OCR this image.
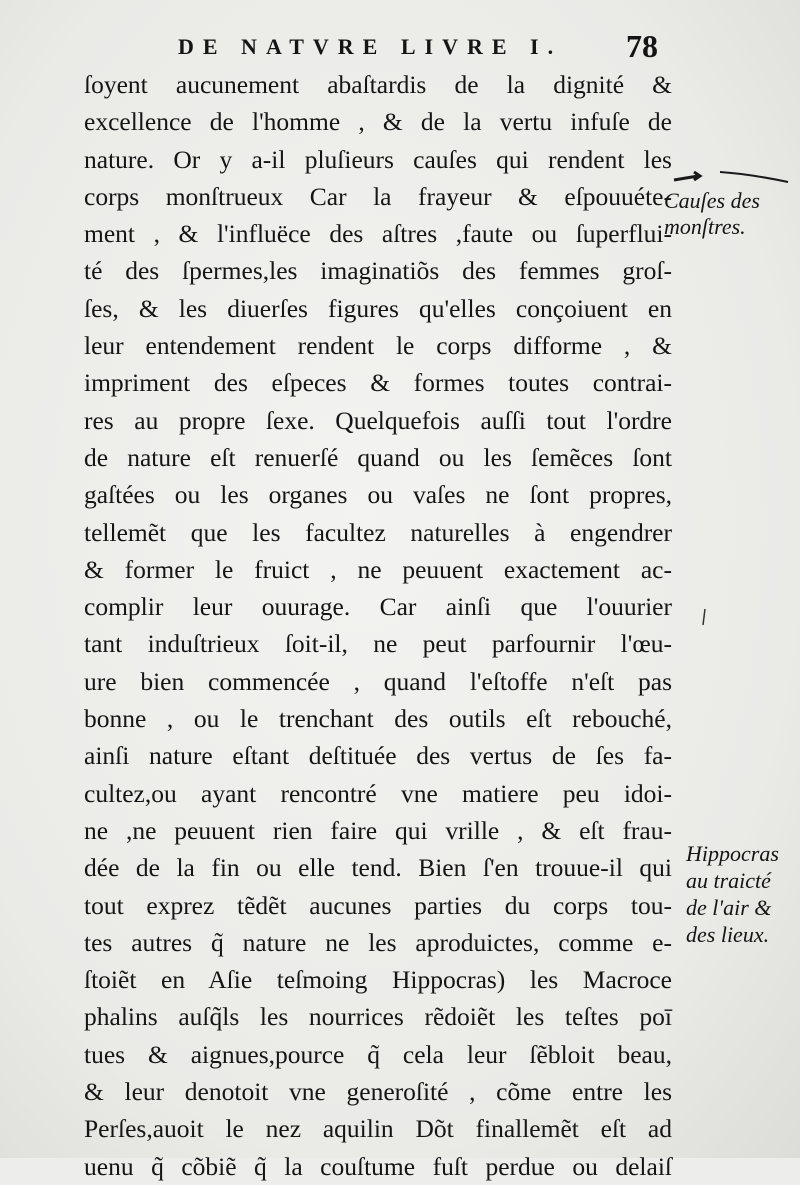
DE NATVRE LIVRE I. 78
ſoyent aucunement abaſtardis de la dignité &
excellence de l'homme , & de la vertu infuſe de
nature. Or y a-il pluſieurs cauſes qui rendent les
corps monſtrueux Car la frayeur & eſpouuéte-
ment , & l'influëce des aſtres ,faute ou ſuperflui-
té des ſpermes,les imaginatiõs des femmes groſ-
ſes, & les diuerſes figures qu'elles conçoiuent en
leur entendement rendent le corps difforme , &
impriment des eſpeces & formes toutes contrai-
res au propre ſexe. Quelquefois auſſi tout l'ordre
de nature eſt renuerſé quand ou les ſemẽces ſont
gaſtées ou les organes ou vaſes ne ſont propres,
tellemẽt que les facultez naturelles à engendrer
& former le fruict , ne peuuent exactement ac-
complir leur ouurage. Car ainſi que l'ouurier
tant induſtrieux ſoit-il, ne peut parfournir l'œu-
ure bien commencée , quand l'eſtoffe n'eſt pas
bonne , ou le trenchant des outils eſt rebouché,
ainſi nature eſtant deſtituée des vertus de ſes fa-
cultez,ou ayant rencontré vne matiere peu idoi-
ne ,ne peuuent rien faire qui vrille , & eſt frau-
dée de la fin ou elle tend. Bien ſ'en trouue-il qui
tout exprez tẽdẽt aucunes parties du corps tou-
tes autres q̃ nature ne les aproduictes, comme e-
ſtoiẽt en Aſie teſmoing Hippocras) les Macroce
phalins auſq̃ls les nourrices rẽdoiẽt les teſtes poī
tues & aignues,pource q̃ cela leur ſẽbloit beau,
& leur denotoit vne generoſité , cõme entre les
Perſes,auoit le nez aquilin Dõt finallemẽt eſt ad
uenu q̃ cõbiẽ q̃ la couſtume fuſt perdue ou delaiſ
Cauſes des
monſtres.
Hippocras
au traicté
de l'air &
des lieux.
